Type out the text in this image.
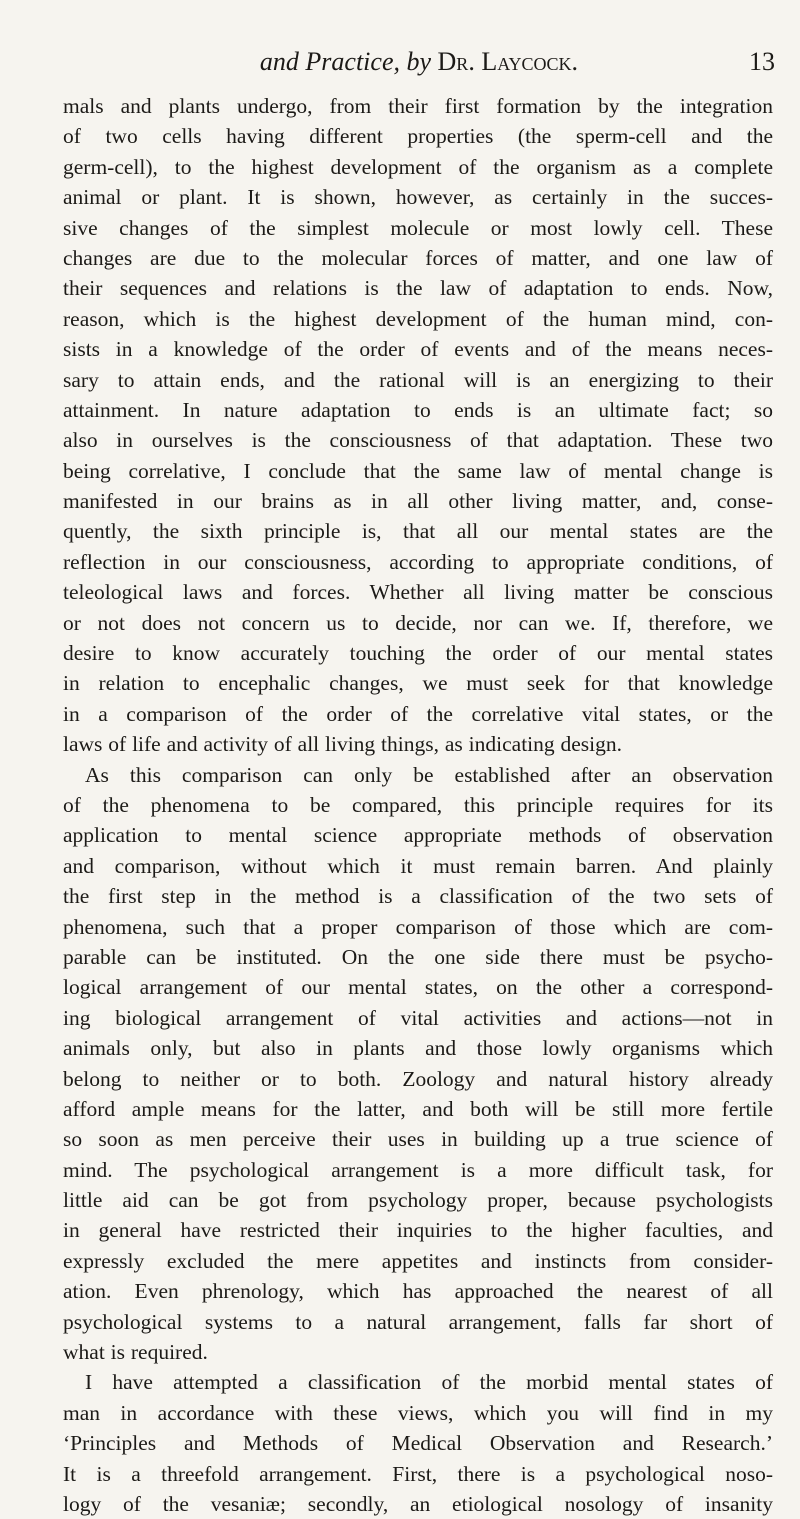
and Practice, by Dr. Laycock.	13
mals and plants undergo, from their first formation by the integration
of two cells having different properties (the sperm-cell and the
germ-cell), to the highest development of the organism as a complete
animal or plant. It is shown, however, as certainly in the succes-
sive changes of the simplest molecule or most lowly cell. These
changes are due to the molecular forces of matter, and one law of
their sequences and relations is the law of adaptation to ends. Now,
reason, which is the highest development of the human mind, con-
sists in a knowledge of the order of events and of the means neces-
sary to attain ends, and the rational will is an energizing to their
attainment. In nature adaptation to ends is an ultimate fact; so
also in ourselves is the consciousness of that adaptation. These two
being correlative, I conclude that the same law of mental change is
manifested in our brains as in all other living matter, and, conse-
quently, the sixth principle is, that all our mental states are the
reflection in our consciousness, according to appropriate conditions, of
teleological laws and forces. Whether all living matter be conscious
or not does not concern us to decide, nor can we. If, therefore, we
desire to know accurately touching the order of our mental states
in relation to encephalic changes, we must seek for that knowledge
in a comparison of the order of the correlative vital states, or the
laws of life and activity of all living things, as indicating design.
As this comparison can only be established after an observation
of the phenomena to be compared, this principle requires for its
application to mental science appropriate methods of observation
and comparison, without which it must remain barren. And plainly
the first step in the method is a classification of the two sets of
phenomena, such that a proper comparison of those which are com-
parable can be instituted. On the one side there must be psycho-
logical arrangement of our mental states, on the other a correspond-
ing biological arrangement of vital activities and actions—not in
animals only, but also in plants and those lowly organisms which
belong to neither or to both. Zoology and natural history already
afford ample means for the latter, and both will be still more fertile
so soon as men perceive their uses in building up a true science of
mind. The psychological arrangement is a more difficult task, for
little aid can be got from psychology proper, because psychologists
in general have restricted their inquiries to the higher faculties, and
expressly excluded the mere appetites and instincts from consider-
ation. Even phrenology, which has approached the nearest of all
psychological systems to a natural arrangement, falls far short of
what is required.
I have attempted a classification of the morbid mental states of
man in accordance with these views, which you will find in my
‘Principles and Methods of Medical Observation and Research.’
It is a threefold arrangement. First, there is a psychological noso-
logy of the vesaniæ; secondly, an etiological nosology of insanity
